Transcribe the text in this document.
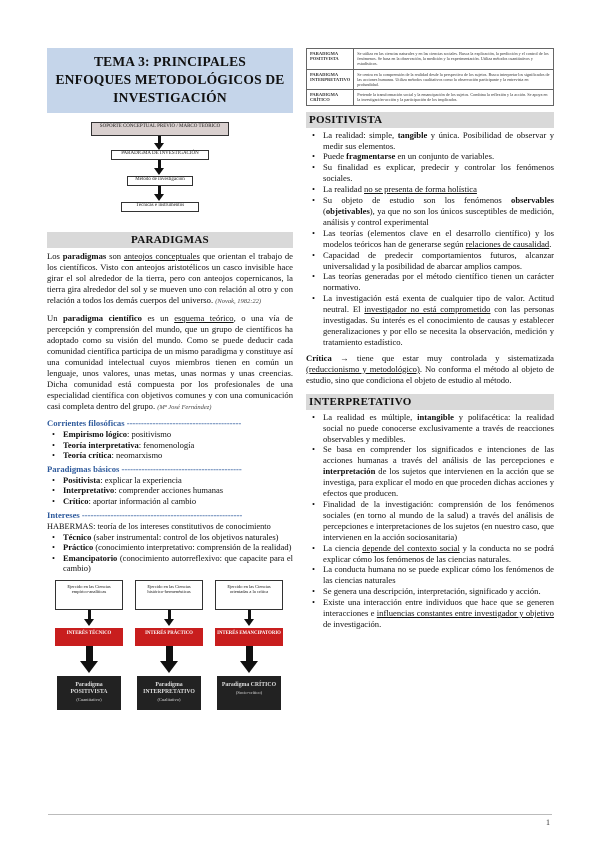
TEMA 3: PRINCIPALES
ENFOQUES METODOLÓGICOS DE
INVESTIGACIÓN
SOPORTE CONCEPTUAL PREVIO / MARCO TEÓRICO
PARADIGMA DE INVESTIGACIÓN
Método de investigación
Técnicas e instrumentos
PARADIGMAS

Los paradigmas son anteojos conceptuales que orientan el trabajo de los científicos. Visto con anteojos aristotélicos un casco invisible hace girar el sol alrededor de la tierra, pero con anteojos copernicanos, la tierra gira alrededor del sol y se mueven uno con relación al otro y con relación a todos los demás cuerpos del universo. (Novak, 1982:22)

Un paradigma científico es un esquema teórico, o una vía de percepción y comprensión del mundo, que un grupo de científicos ha adoptado como su visión del mundo. Como se puede deducir cada comunidad científica participa de un mismo paradigma y constituye así una comunidad intelectual cuyos miembros tienen en común un lenguaje, unos valores, unas metas, unas normas y unas creencias. Dicha comunidad está compuesta por los profesionales de una especialidad científica con objetivos comunes y con una comunicación casi completa dentro del grupo. (Mª José Fernández)

Corrientes filosóficas ----------------------------------------
• Empirismo lógico: positivismo
• Teoría interpretativa: fenomenología
• Teoría crítica: neomarxismo
Paradigmas básicos ------------------------------------------
• Positivista: explicar la experiencia
• Interpretativo: comprender acciones humanas
• Crítico: aportar información al cambio
Intereses --------------------------------------------------------

HABERMAS: teoría de los intereses constitutivos de conocimiento

• Técnico (saber instrumental: control de los objetivos naturales)
• Práctico (conocimiento interpretativo: comprensión de la realidad)
• Emancipatorio (conocimiento autorreflexivo: que capacite para el cambio)
Ejercido en las Ciencias empírico-analíticas
Ejercido en las Ciencias histórico-hermenéuticas
Ejercido en las Ciencias orientadas a la crítica
INTERÉS TÉCNICO	INTERÉS PRÁCTICO	INTERÉS EMANCIPATORIO
Paradigma POSITIVISTA
(Cuantitativo)
Paradigma INTERPRETATIVO
(Cualitativo)
Paradigma CRÍTICO
(Socio-crítico)
PARADIGMA POSITIVISTA	Se utiliza en las ciencias naturales y en las ciencias sociales. Busca la explicación, la predicción y el control de los fenómenos. Se basa en la observación, la medición y la experimentación. Utiliza métodos cuantitativos y estadísticos.
PARADIGMA INTERPRETATIVO	Se centra en la comprensión de la realidad desde la perspectiva de los sujetos. Busca interpretar los significados de las acciones humanas. Utiliza métodos cualitativos como la observación participante y la entrevista en profundidad.
PARADIGMA CRÍTICO	Pretende la transformación social y la emancipación de los sujetos. Combina la reflexión y la acción. Se apoya en la investigación-acción y la participación de los implicados.
POSITIVISTA
• La realidad: simple, tangible y única. Posibilidad de observar y medir sus elementos.
• Puede fragmentarse en un conjunto de variables.
• Su finalidad es explicar, predecir y controlar los fenómenos sociales.
• La realidad no se presenta de forma holística
• Su objeto de estudio son los fenómenos observables (objetivables), ya que no son los únicos susceptibles de medición, análisis y control experimental
• Las teorías (elementos clave en el desarrollo científico) y los modelos teóricos han de generarse según relaciones de causalidad.
• Capacidad de predecir comportamientos futuros, alcanzar universalidad y la posibilidad de abarcar amplios campos.
• Las teorías generadas por el método científico tienen un carácter normativo.
• La investigación está exenta de cualquier tipo de valor. Actitud neutral. El investigador no está comprometido con las personas investigadas. Su interés es el conocimiento de causas y establecer generalizaciones y por ello se necesita la observación, medición y tratamiento estadístico.

Crítica → tiene que estar muy controlada y sistematizada (reduccionismo y metodológico). No conforma el método al objeto de estudio, sino que condiciona el objeto de estudio al método.

INTERPRETATIVO
• La realidad es múltiple, intangible y polifacética: la realidad social no puede conocerse exclusivamente a través de reacciones observables y medibles.
• Se basa en comprender los significados e intenciones de las acciones humanas a través del análisis de las percepciones e interpretación de los sujetos que intervienen en la acción que se investiga, para explicar el modo en que proceden dichas acciones y efectos que producen.
• Finalidad de la investigación: comprensión de los fenómenos sociales (en torno al mundo de la salud) a través del análisis de percepciones e interpretaciones de los sujetos (en nuestro caso, que intervienen en la acción sociosanitaria)
• La ciencia depende del contexto social y la conducta no se podrá explicar cómo los fenómenos de las ciencias naturales.
• La conducta humana no se puede explicar cómo los fenómenos de las ciencias naturales
• Se genera una descripción, interpretación, significado y acción.
• Existe una interacción entre individuos que hace que se generen interacciones e influencias constantes entre investigador y objetivo de investigación.
1
